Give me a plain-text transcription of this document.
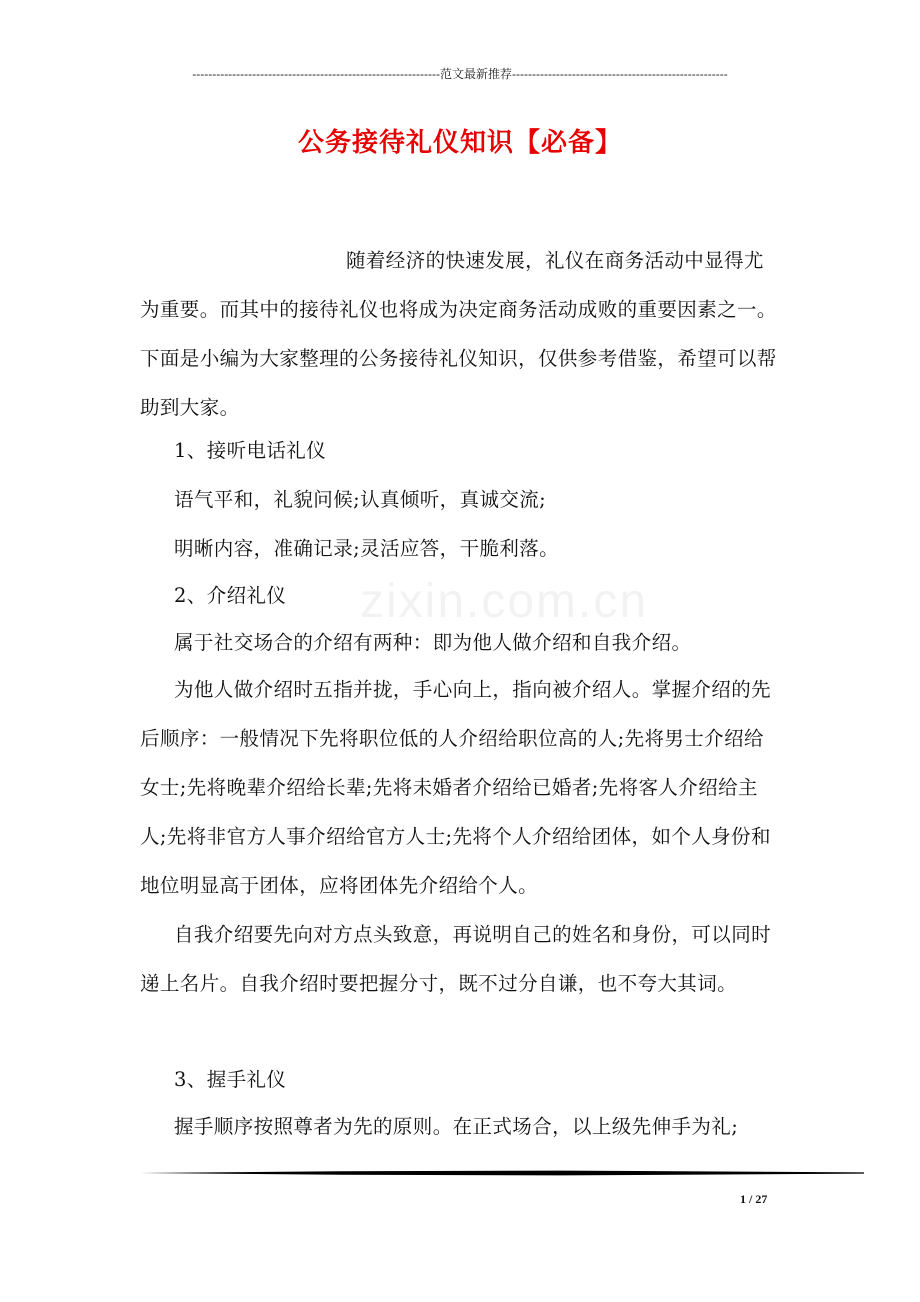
--------------------------------------------------------------范文最新推荐------------------------------------------------------
公务接待礼仪知识【必备】
zixin.com.cn
随着经济的快速发展，礼仪在商务活动中显得尤为重要。而其中的接待礼仪也将成为决定商务活动成败的重要因素之一。下面是小编为大家整理的公务接待礼仪知识，仅供参考借鉴，希望可以帮助到大家。
1、接听电话礼仪
语气平和，礼貌问候;认真倾听，真诚交流;
明晰内容，准确记录;灵活应答，干脆利落。
2、介绍礼仪
属于社交场合的介绍有两种：即为他人做介绍和自我介绍。
为他人做介绍时五指并拢，手心向上，指向被介绍人。掌握介绍的先后顺序：一般情况下先将职位低的人介绍给职位高的人;先将男士介绍给女士;先将晚辈介绍给长辈;先将未婚者介绍给已婚者;先将客人介绍给主人;先将非官方人事介绍给官方人士;先将个人介绍给团体，如个人身份和地位明显高于团体，应将团体先介绍给个人。
自我介绍要先向对方点头致意，再说明自己的姓名和身份，可以同时递上名片。自我介绍时要把握分寸，既不过分自谦，也不夸大其词。
3、握手礼仪
握手顺序按照尊者为先的原则。在正式场合，以上级先伸手为礼;
1 / 27
